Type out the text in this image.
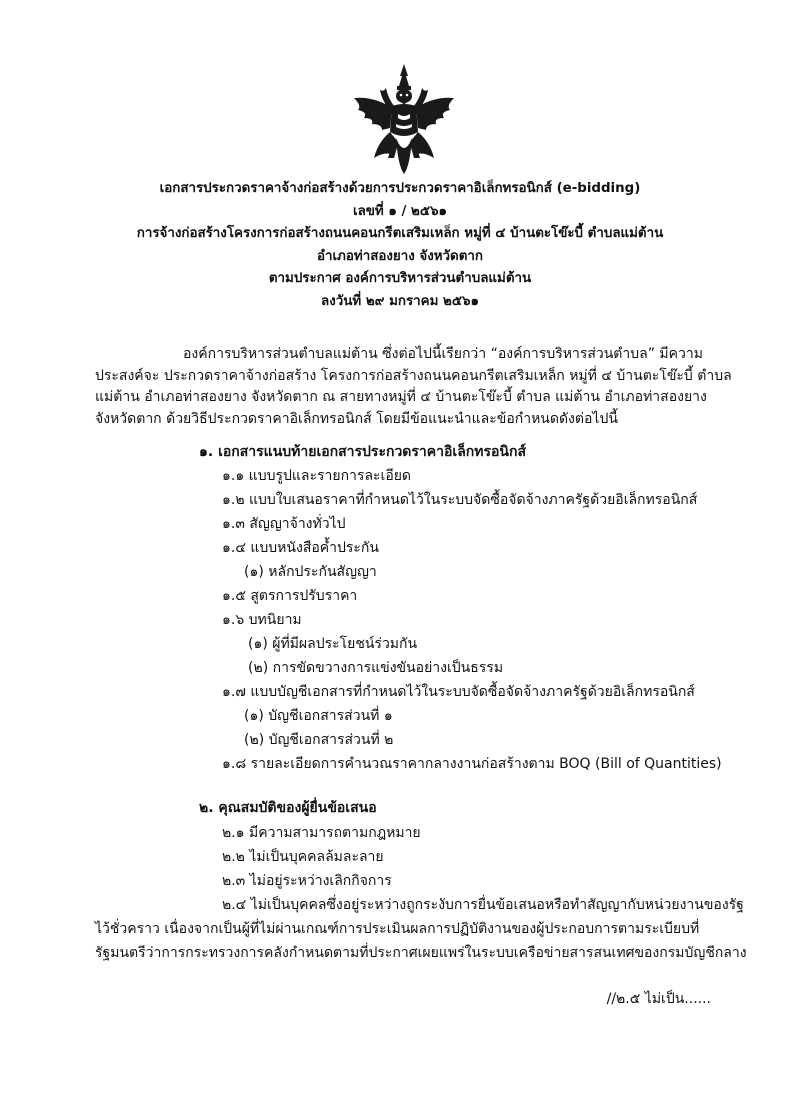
เอกสารประกวดราคาจ้างก่อสร้างด้วยการประกวดราคาอิเล็กทรอนิกส์ (e-bidding)
เลขที่ ๑ / ๒๕๖๑
การจ้างก่อสร้างโครงการก่อสร้างถนนคอนกรีตเสริมเหล็ก หมู่ที่ ๔ บ้านตะโข๊ะบี้ ตำบลแม่ต้าน
อำเภอท่าสองยาง จังหวัดตาก
ตามประกาศ องค์การบริหารส่วนตำบลแม่ต้าน
ลงวันที่ ๒๙ มกราคม ๒๕๖๑
องค์การบริหารส่วนตำบลแม่ต้าน ซึ่งต่อไปนี้เรียกว่า “องค์การบริหารส่วนตำบล” มีความ
ประสงค์จะ ประกวดราคาจ้างก่อสร้าง โครงการก่อสร้างถนนคอนกรีตเสริมเหล็ก หมู่ที่ ๔ บ้านตะโข๊ะบี้ ตำบล
แม่ต้าน อำเภอท่าสองยาง จังหวัดตาก ณ สายทางหมู่ที่ ๔ บ้านตะโข๊ะบี้ ตำบล แม่ต้าน อำเภอท่าสองยาง
จังหวัดตาก ด้วยวิธีประกวดราคาอิเล็กทรอนิกส์ โดยมีข้อแนะนำและข้อกำหนดดังต่อไปนี้
๑. เอกสารแนบท้ายเอกสารประกวดราคาอิเล็กทรอนิกส์
๑.๑ แบบรูปและรายการละเอียด
๑.๒ แบบใบเสนอราคาที่กำหนดไว้ในระบบจัดซื้อจัดจ้างภาครัฐด้วยอิเล็กทรอนิกส์
๑.๓ สัญญาจ้างทั่วไป
๑.๔ แบบหนังสือค้ำประกัน
(๑) หลักประกันสัญญา
๑.๕ สูตรการปรับราคา
๑.๖ บทนิยาม
(๑) ผู้ที่มีผลประโยชน์ร่วมกัน
(๒) การขัดขวางการแข่งขันอย่างเป็นธรรม
๑.๗ แบบบัญชีเอกสารที่กำหนดไว้ในระบบจัดซื้อจัดจ้างภาครัฐด้วยอิเล็กทรอนิกส์
(๑) บัญชีเอกสารส่วนที่ ๑
(๒) บัญชีเอกสารส่วนที่ ๒
๑.๘ รายละเอียดการคำนวณราคากลางงานก่อสร้างตาม BOQ (Bill of Quantities)
๒. คุณสมบัติของผู้ยื่นข้อเสนอ
๒.๑ มีความสามารถตามกฎหมาย
๒.๒ ไม่เป็นบุคคลล้มละลาย
๒.๓ ไม่อยู่ระหว่างเลิกกิจการ
๒.๔ ไม่เป็นบุคคลซึ่งอยู่ระหว่างถูกระงับการยื่นข้อเสนอหรือทำสัญญากับหน่วยงานของรัฐ
ไว้ชั่วคราว เนื่องจากเป็นผู้ที่ไม่ผ่านเกณฑ์การประเมินผลการปฏิบัติงานของผู้ประกอบการตามระเบียบที่
รัฐมนตรีว่าการกระทรวงการคลังกำหนดตามที่ประกาศเผยแพร่ในระบบเครือข่ายสารสนเทศของกรมบัญชีกลาง
//๒.๕ ไม่เป็น......
